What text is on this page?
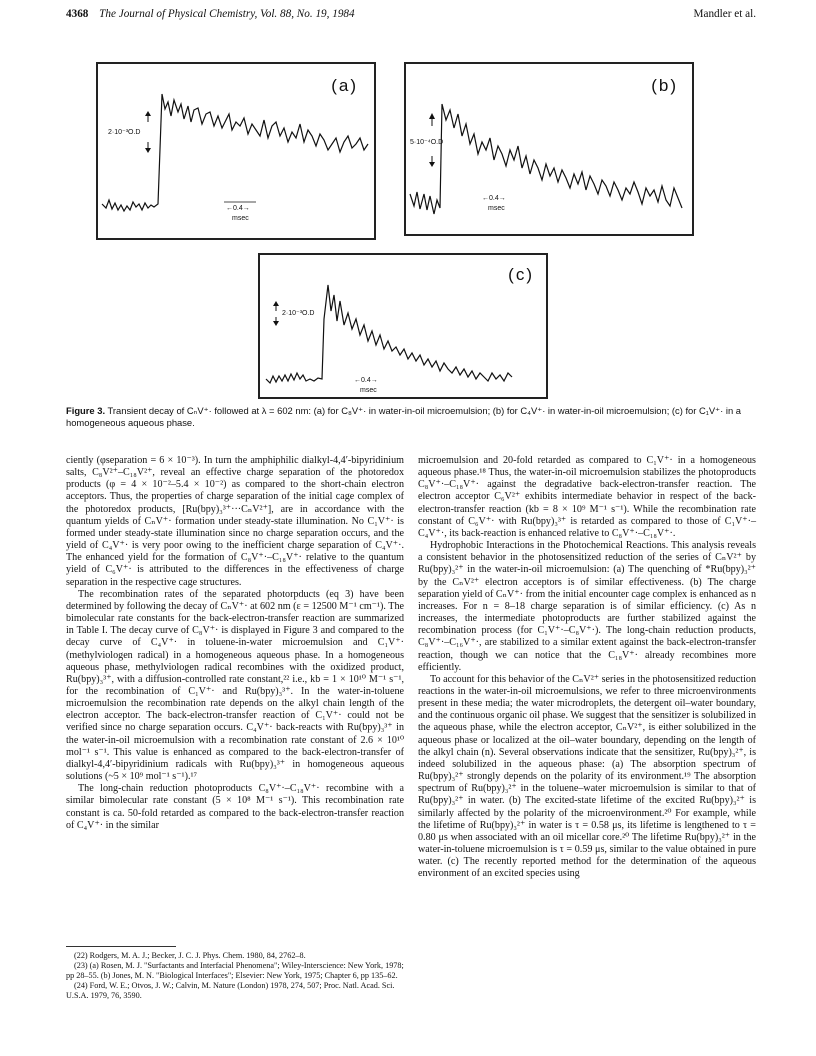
4368 The Journal of Physical Chemistry, Vol. 88, No. 19, 1984	Mandler et al.
(a)
2·10⁻³O.D
←0.4→
msec
(b)
5·10⁻⁴O.D
←0.4→
msec
(c)
2·10⁻³O.D
←0.4→
msec
Figure 3. Transient decay of CₙV⁺· followed at λ = 602 nm: (a) for C₈V⁺· in water-in-oil microemulsion; (b) for C₄V⁺· in water-in-oil microemulsion; (c) for C₁V⁺· in a homogeneous aqueous phase.

ciently (φseparation = 6 × 10⁻³). In turn the amphiphilic dialkyl-4,4′-bipyridinium salts, C₈V²⁺–C₁₈V²⁺, reveal an effective charge separation of the photoredox products (φ = 4 × 10⁻²–5.4 × 10⁻²) as compared to the short-chain electron acceptors. Thus, the properties of charge separation of the initial cage complex of the photoredox products, [Ru(bpy)₃³⁺···CₙV²⁺], are in accordance with the quantum yields of CₙV⁺· formation under steady-state illumination. No C₁V⁺· is formed under steady-state illumination since no charge separation occurs, and the yield of C₄V⁺· is very poor owing to the inefficient charge separation of C₄V⁺·. The enhanced yield for the formation of C₈V⁺·–C₁₈V⁺· relative to the quantum yield of C₆V⁺· is attributed to the differences in the effectiveness of charge separation in the respective cage structures.

The recombination rates of the separated photorpducts (eq 3) have been determined by following the decay of CₙV⁺· at 602 nm (ε = 12500 M⁻¹ cm⁻¹). The bimolecular rate constants for the back-electron-transfer reaction are summarized in Table I. The decay curve of C₈V⁺· is displayed in Figure 3 and compared to the decay curve of C₄V⁺· in toluene-in-water microemulsion and C₁V⁺· (methylviologen radical) in a homogeneous aqueous phase. In a homogeneous aqueous phase, methylviologen radical recombines with the oxidized product, Ru(bpy)₃³⁺, with a diffusion-controlled rate constant,²² i.e., kb = 1 × 10¹⁰ M⁻¹ s⁻¹, for the recombination of C₁V⁺· and Ru(bpy)₃³⁺. In the water-in-toluene microemulsion the recombination rate depends on the alkyl chain length of the electron acceptor. The back-electron-transfer reaction of C₁V⁺· could not be verified since no charge separation occurs. C₄V⁺· back-reacts with Ru(bpy)₃³⁺ in the water-in-oil microemulsion with a recombination rate constant of 2.6 × 10¹⁰ mol⁻¹ s⁻¹. This value is enhanced as compared to the back-electron-transfer of dialkyl-4,4′-bipyridinium radicals with Ru(bpy)₃³⁺ in homogeneous aqueous solutions (~5 × 10⁹ mol⁻¹ s⁻¹).¹⁷

The long-chain reduction photoproducts C₈V⁺·–C₁₈V⁺· recombine with a similar bimolecular rate constant (5 × 10⁸ M⁻¹ s⁻¹). This recombination rate constant is ca. 50-fold retarded as compared to the back-electron-transfer reaction of C₄V⁺· in the similar

microemulsion and 20-fold retarded as compared to C₁V⁺· in a homogeneous aqueous phase.¹⁸ Thus, the water-in-oil microemulsion stabilizes the photoproducts C₈V⁺·–C₁₈V⁺· against the degradative back-electron-transfer reaction. The electron acceptor C₆V²⁺ exhibits intermediate behavior in respect of the back-electron-transfer reaction (kb = 8 × 10⁹ M⁻¹ s⁻¹). While the recombination rate constant of C₆V⁺· with Ru(bpy)₃³⁺ is retarded as compared to those of C₁V⁺·–C₄V⁺·, its back-reaction is enhanced relative to C₈V⁺·–C₁₈V⁺·.

Hydrophobic Interactions in the Photochemical Reactions. This analysis reveals a consistent behavior in the photosensitized reduction of the series of CₙV²⁺ by Ru(bpy)₃²⁺ in the water-in-oil microemulsion: (a) The quenching of *Ru(bpy)₃²⁺ by the CₙV²⁺ electron acceptors is of similar effectiveness. (b) The charge separation yield of CₙV⁺· from the initial encounter cage complex is enhanced as n increases. For n = 8–18 charge separation is of similar efficiency. (c) As n increases, the intermediate photoproducts are further stabilized against the recombination process (for C₁V⁺·–C₈V⁺·). The long-chain reduction products, C₈V⁺·–C₁₆V⁺·, are stabilized to a similar extent against the back-electron-transfer reaction, though we can notice that the C₁₈V⁺· already recombines more efficiently.

To account for this behavior of the CₙV²⁺ series in the photosensitized reduction reactions in the water-in-oil microemulsions, we refer to three microenvironments present in these media; the water microdroplets, the detergent oil–water boundary, and the continuous organic oil phase. We suggest that the sensitizer is solubilized in the aqueous phase, while the electron acceptor, CₙV²⁺, is either solubilized in the aqueous phase or localized at the oil–water boundary, depending on the length of the alkyl chain (n). Several observations indicate that the sensitizer, Ru(bpy)₃²⁺, is indeed solubilized in the aqueous phase: (a) The absorption spectrum of Ru(bpy)₃²⁺ strongly depends on the polarity of its environment.¹⁹ The absorption spectrum of Ru(bpy)₃²⁺ in the toluene–water microemulsion is similar to that of Ru(bpy)₃²⁺ in water. (b) The excited-state lifetime of the excited Ru(bpy)₃²⁺ is similarly affected by the polarity of the microenvironment.²⁰ For example, while the lifetime of Ru(bpy)₃²⁺ in water is τ = 0.58 μs, its lifetime is lengthened to τ = 0.80 μs when associated with an oil micellar core.²⁰ The lifetime Ru(bpy)₃²⁺ in the water-in-toluene microemulsion is τ = 0.59 μs, similar to the value obtained in pure water. (c) The recently reported method for the determination of the aqueous environment of an excited species using

(22) Rodgers, M. A. J.; Becker, J. C. J. Phys. Chem. 1980, 84, 2762–8.

(23) (a) Rosen, M. J. "Surfactants and Interfacial Phenomena"; Wiley-Interscience: New York, 1978; pp 28–55. (b) Jones, M. N. "Biological Interfaces"; Elsevier: New York, 1975; Chapter 6, pp 135–62.

(24) Ford, W. E.; Otvos, J. W.; Calvin, M. Nature (London) 1978, 274, 507; Proc. Natl. Acad. Sci. U.S.A. 1979, 76, 3590.
